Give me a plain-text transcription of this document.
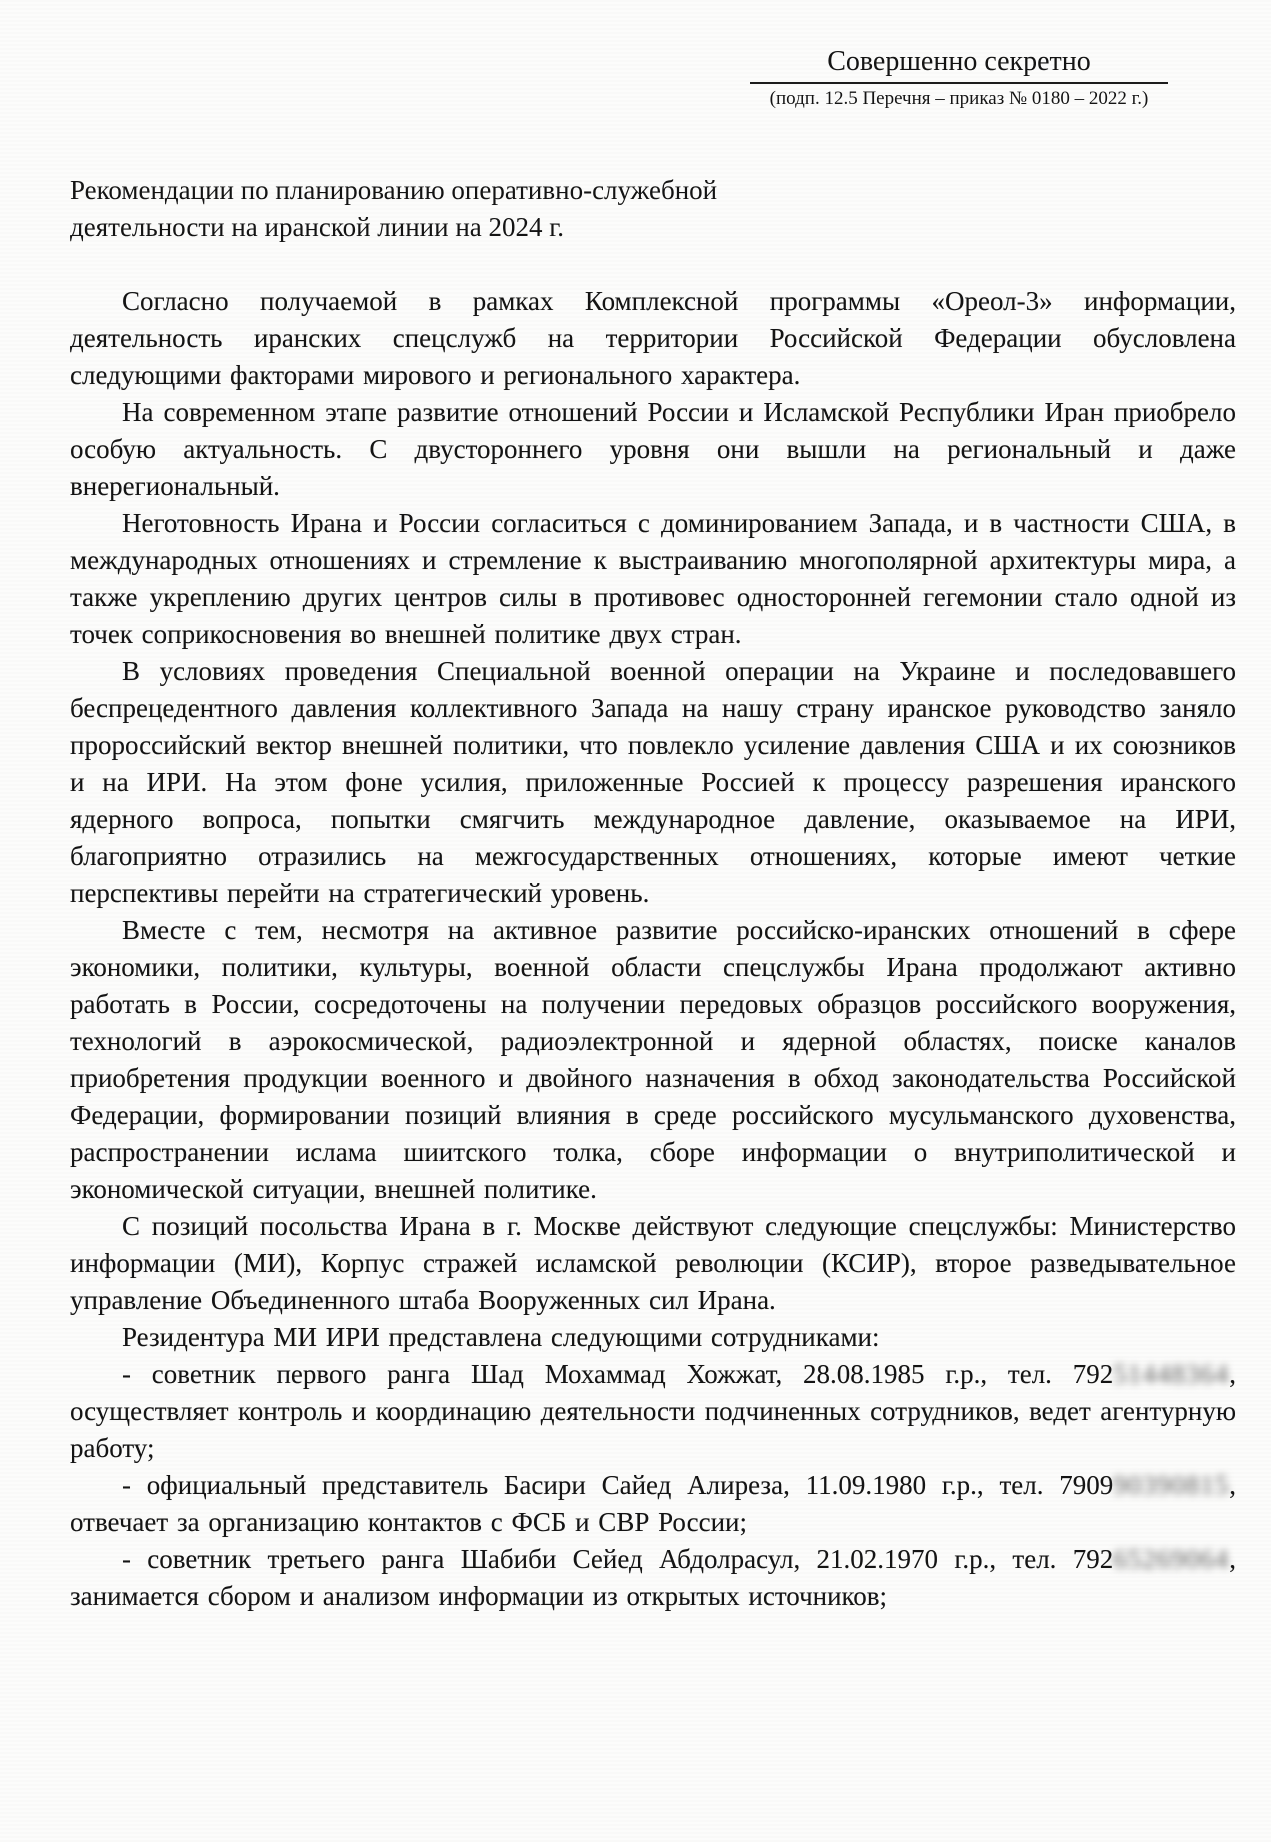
Совершенно секретно
(подп. 12.5 Перечня – приказ № 0180 – 2022 г.)
Рекомендации по планированию оперативно-служебной
деятельности на иранской линии на 2024 г.

Согласно получаемой в рамках Комплексной программы «Ореол-3» информации, деятельность иранских спецслужб на территории Российской Федерации обусловлена следующими факторами мирового и регионального характера.

На современном этапе развитие отношений России и Исламской Республики Иран приобрело особую актуальность. С двустороннего уровня они вышли на региональный и даже внерегиональный.

Неготовность Ирана и России согласиться с доминированием Запада, и в частности США, в международных отношениях и стремление к выстраиванию многополярной архитектуры мира, а также укреплению других центров силы в противовес односторонней гегемонии стало одной из точек соприкосновения во внешней политике двух стран.

В условиях проведения Специальной военной операции на Украине и последовавшего беспрецедентного давления коллективного Запада на нашу страну иранское руководство заняло пророссийский вектор внешней политики, что повлекло усиление давления США и их союзников и на ИРИ. На этом фоне усилия, приложенные Россией к процессу разрешения иранского ядерного вопроса, попытки смягчить международное давление, оказываемое на ИРИ, благоприятно отразились на межгосударственных отношениях, которые имеют четкие перспективы перейти на стратегический уровень.

Вместе с тем, несмотря на активное развитие российско-иранских отношений в сфере экономики, политики, культуры, военной области спецслужбы Ирана продолжают активно работать в России, сосредоточены на получении передовых образцов российского вооружения, технологий в аэрокосмической, радиоэлектронной и ядерной областях, поиске каналов приобретения продукции военного и двойного назначения в обход законодательства Российской Федерации, формировании позиций влияния в среде российского мусульманского духовенства, распространении ислама шиитского толка, сборе информации о внутриполитической и экономической ситуации, внешней политике.

С позиций посольства Ирана в г. Москве действуют следующие спецслужбы: Министерство информации (МИ), Корпус стражей исламской революции (КСИР), второе разведывательное управление Объединенного штаба Вооруженных сил Ирана.

Резидентура МИ ИРИ представлена следующими сотрудниками:

- советник первого ранга Шад Мохаммад Хожжат, 28.08.1985 г.р., тел. 79251448364, осуществляет контроль и координацию деятельности подчиненных сотрудников, ведет агентурную работу;

- официальный представитель Басири Сайед Алиреза, 11.09.1980 г.р., тел. 790990390815, отвечает за организацию контактов с ФСБ и СВР России;

- советник третьего ранга Шабиби Сейед Абдолрасул, 21.02.1970 г.р., тел. 79265269064, занимается сбором и анализом информации из открытых источников;
